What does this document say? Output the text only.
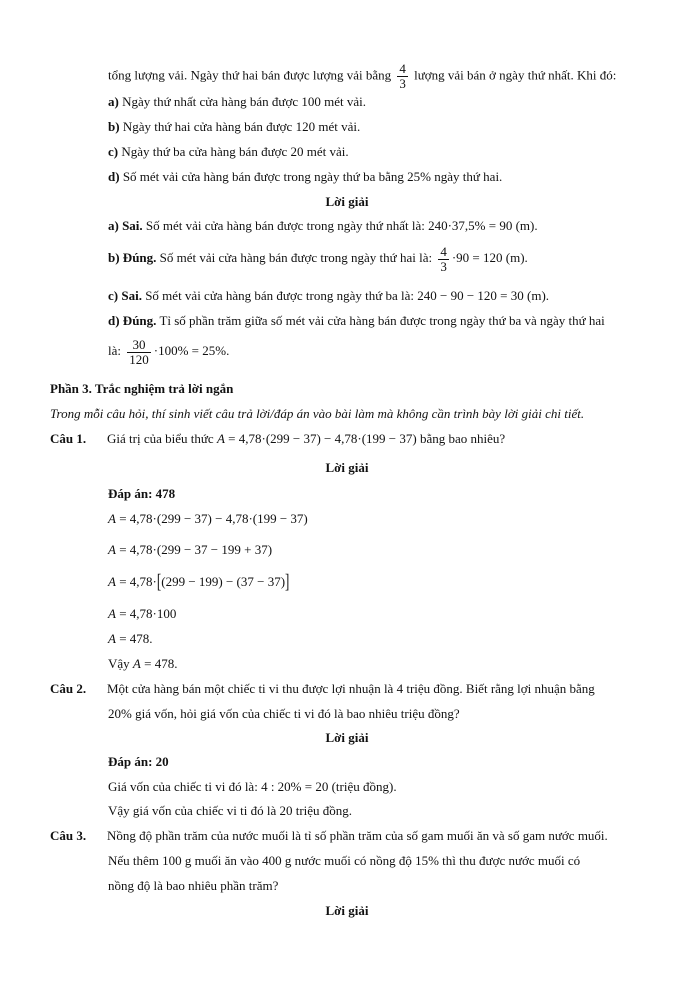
tổng lượng vải. Ngày thứ hai bán được lượng vải bằng $\frac{4}{3}$ lượng vải bán ở ngày thứ nhất. Khi đó:
a) Ngày thứ nhất cửa hàng bán được 100 mét vải.
b) Ngày thứ hai cửa hàng bán được 120 mét vải.
c) Ngày thứ ba cửa hàng bán được 20 mét vải.
d) Số mét vải cửa hàng bán được trong ngày thứ ba bằng 25% ngày thứ hai.
Lời giải
a) Sai. Số mét vải cửa hàng bán được trong ngày thứ nhất là: 240·37,5% = 90 (m).
b) Đúng. Số mét vải cửa hàng bán được trong ngày thứ hai là: $\frac{4}{3} \cdot 90 = 120$ (m).
c) Sai. Số mét vải cửa hàng bán được trong ngày thứ ba là: 240 − 90 − 120 = 30 (m).
d) Đúng. Tỉ số phần trăm giữa số mét vải cửa hàng bán được trong ngày thứ ba và ngày thứ hai
là: $\frac{30}{120} \cdot 100\% = 25\%$.
Phần 3. Trắc nghiệm trả lời ngắn
Trong mỗi câu hỏi, thí sinh viết câu trả lời/đáp án vào bài làm mà không cần trình bày lời giải chi tiết.
Câu 1. Giá trị của biểu thức A = 4,78·(299 − 37) − 4,78·(199 − 37) bằng bao nhiêu?
Lời giải
Đáp án: 478
A = 4,78·(299 − 37) − 4,78·(199 − 37)
A = 4,78·(299 − 37 − 199 + 37)
A = 4,78·[(299 − 199) − (37 − 37)]
A = 4,78·100
A = 478.
Vậy A = 478.
Câu 2. Một cửa hàng bán một chiếc ti vi thu được lợi nhuận là 4 triệu đồng. Biết rằng lợi nhuận bằng
20% giá vốn, hỏi giá vốn của chiếc ti vi đó là bao nhiêu triệu đồng?
Lời giải
Đáp án: 20
Giá vốn của chiếc ti vi đó là: 4 : 20% = 20 (triệu đồng).
Vậy giá vốn của chiếc vi ti đó là 20 triệu đồng.
Câu 3. Nồng độ phần trăm của nước muối là tỉ số phần trăm của số gam muối ăn và số gam nước muối.
Nếu thêm 100 g muối ăn vào 400 g nước muối có nồng độ 15% thì thu được nước muối có
nồng độ là bao nhiêu phần trăm?
Lời giải
